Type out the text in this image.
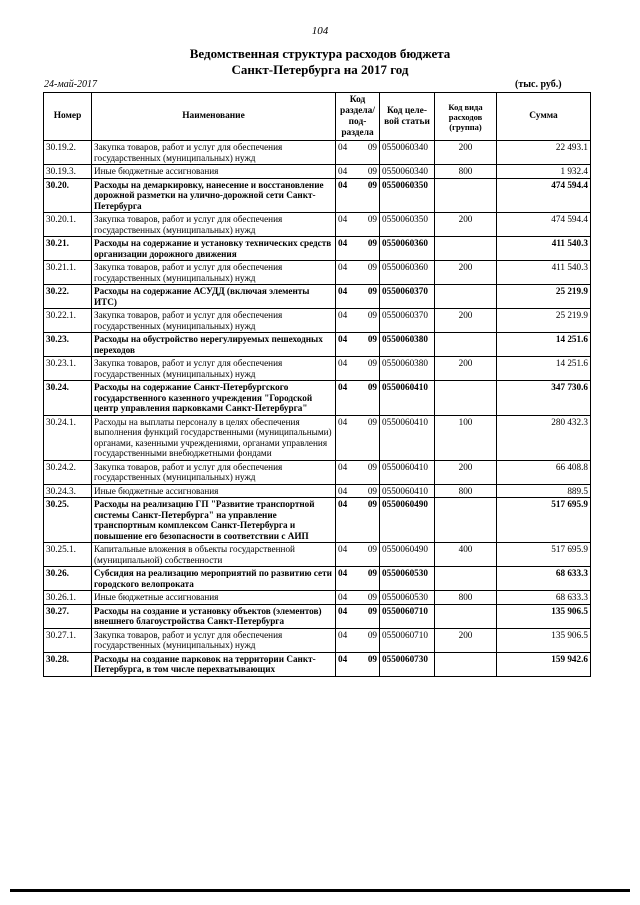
104
Ведомственная структура расходов бюджета
Санкт-Петербурга на 2017 год
24-май-2017	(тыс. руб.)
Номер	Наименование	Код раздела/ под- раздела		Код целе- вой статьи	Код вида расходов (группа)	Сумма
30.19.2.	Закупка товаров, работ и услуг для обеспечения государственных (муниципальных) нужд	04	09	0550060340	200	22 493.1
30.19.3.	Иные бюджетные ассигнования	04	09	0550060340	800	1 932.4
30.20.	Расходы на демаркировку, нанесение и восстановление дорожной разметки на улично-дорожной сети Санкт-Петербурга	04	09	0550060350		474 594.4
30.20.1.	Закупка товаров, работ и услуг для обеспечения государственных (муниципальных) нужд	04	09	0550060350	200	474 594.4
30.21.	Расходы на содержание и установку технических средств организации дорожного движения	04	09	0550060360		411 540.3
30.21.1.	Закупка товаров, работ и услуг для обеспечения государственных (муниципальных) нужд	04	09	0550060360	200	411 540.3
30.22.	Расходы на содержание АСУДД (включая элементы ИТС)	04	09	0550060370		25 219.9
30.22.1.	Закупка товаров, работ и услуг для обеспечения государственных (муниципальных) нужд	04	09	0550060370	200	25 219.9
30.23.	Расходы на обустройство нерегулируемых пешеходных переходов	04	09	0550060380		14 251.6
30.23.1.	Закупка товаров, работ и услуг для обеспечения государственных (муниципальных) нужд	04	09	0550060380	200	14 251.6
30.24.	Расходы на содержание Санкт-Петербургского государственного казенного учреждения "Городской центр управления парковками Санкт-Петербурга"	04	09	0550060410		347 730.6
30.24.1.	Расходы на выплаты персоналу в целях обеспечения выполнения функций государственными (муниципальными) органами, казенными учреждениями, органами управления государственными внебюджетными фондами	04	09	0550060410	100	280 432.3
30.24.2.	Закупка товаров, работ и услуг для обеспечения государственных (муниципальных) нужд	04	09	0550060410	200	66 408.8
30.24.3.	Иные бюджетные ассигнования	04	09	0550060410	800	889.5
30.25.	Расходы на реализацию ГП "Развитие транспортной системы Санкт-Петербурга" на управление транспортным комплексом Санкт-Петербурга и повышение его безопасности в соответствии с АИП	04	09	0550060490		517 695.9
30.25.1.	Капитальные вложения в объекты государственной (муниципальной) собственности	04	09	0550060490	400	517 695.9
30.26.	Субсидия на реализацию мероприятий по развитию сети городского велопроката	04	09	0550060530		68 633.3
30.26.1.	Иные бюджетные ассигнования	04	09	0550060530	800	68 633.3
30.27.	Расходы на создание и установку объектов (элементов) внешнего благоустройства Санкт-Петербурга	04	09	0550060710		135 906.5
30.27.1.	Закупка товаров, работ и услуг для обеспечения государственных (муниципальных) нужд	04	09	0550060710	200	135 906.5
30.28.	Расходы на создание парковок на территории Санкт-Петербурга, в том числе перехватывающих	04	09	0550060730		159 942.6
